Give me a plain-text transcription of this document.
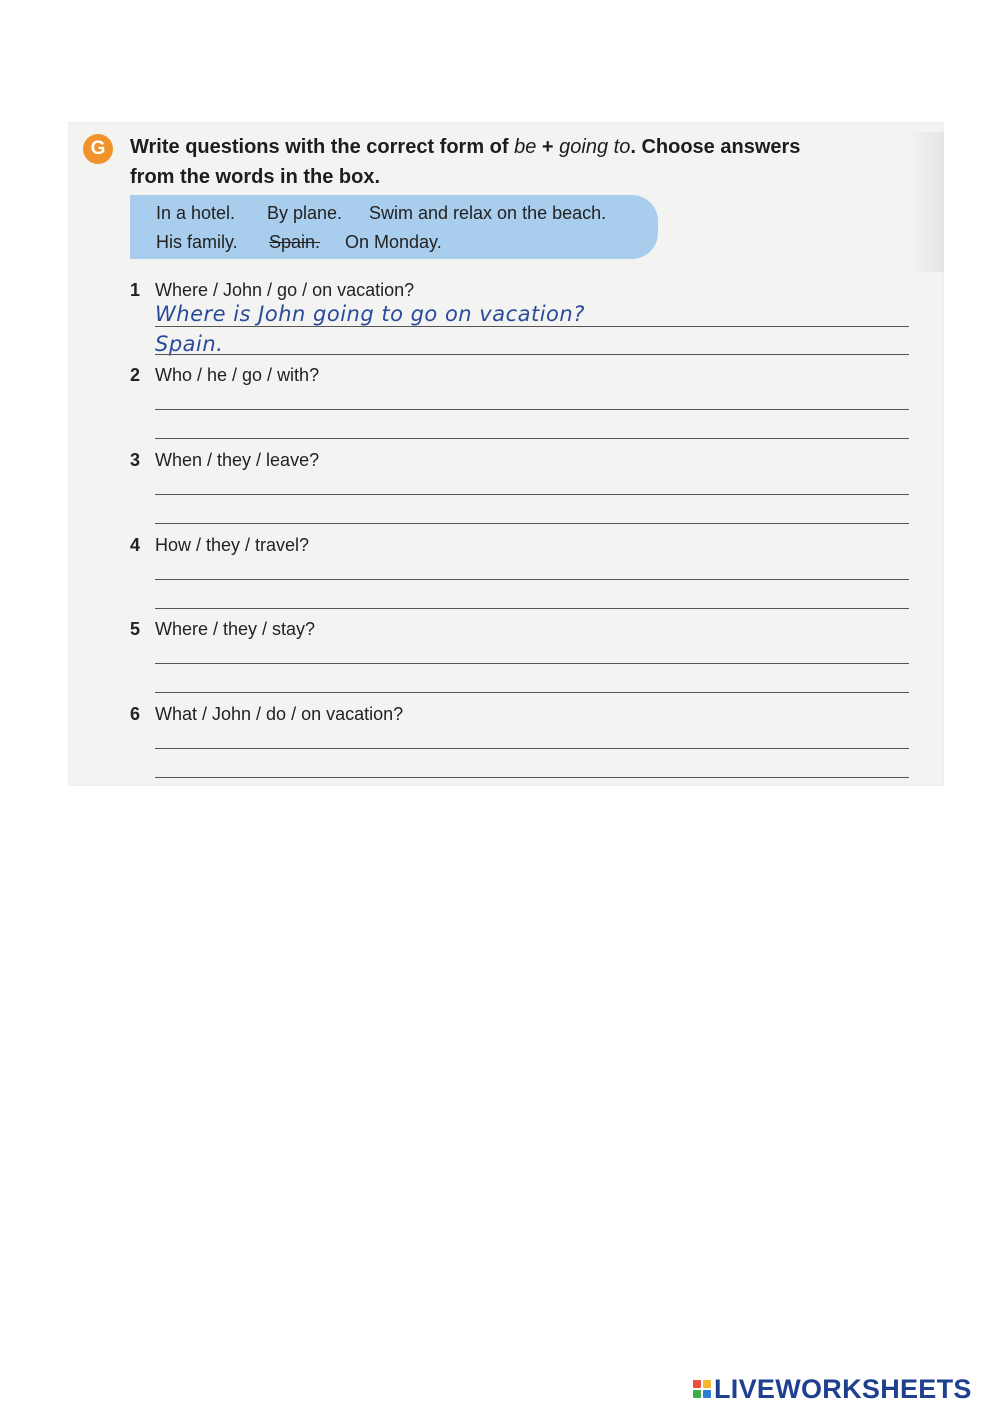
G	Write questions with the correct form of be + going to. Choose answers from the words in the box.
In a hotel. By plane. Swim and relax on the beach.
His family. Spain. On Monday.
1 Where / John / go / on vacation?
Where is John going to go on vacation?
Spain.
2 Who / he / go / with?
3 When / they / leave?
4 How / they / travel?
5 Where / they / stay?
6 What / John / do / on vacation?
LIVEWORKSHEETS
